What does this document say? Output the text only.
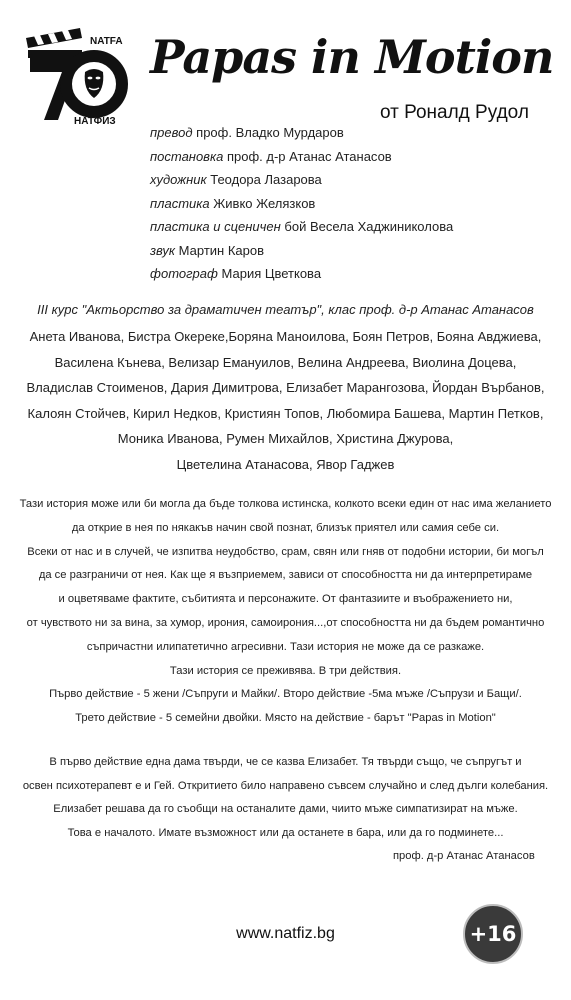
NATFA
НАТФИЗ
Papas in Motion
от Роналд Рудол
превод проф. Владко Мурдаров
постановка проф. д-р Атанас Атанасов
художник Теодора Лазарова
пластика Живко Желязков
пластика и сценичен бой Весела Хаджиниколова
звук Мартин Каров
фотограф Мария Цветкова
III курс "Актьорство за драматичен театър", клас проф. д-р Атанас Атанасов
Анета Иванова, Бистра Окереке,Боряна Маноилова, Боян Петров, Бояна Авджиева,
Василена Кънева, Велизар Емануилов, Велина Андреева, Виолина Доцева,
Владислав Стоименов, Дария Димитрова, Елизабет Марангозова, Йордан Върбанов,
Калоян Стойчев, Кирил Недков, Кристиян Топов, Любомира Башева, Мартин Петков,
Моника Иванова, Румен Михайлов, Христина Джурова,
Цветелина Атанасова, Явор Гаджев
Тази история може или би могла да бъде толкова истинска, колкото всеки един от нас има желанието
да открие в нея по някакъв начин свой познат, близък приятел или самия себе си.
Всеки от нас и в случей, че изпитва неудобство, срам, свян или гняв от подобни истории, би могъл
да се разграничи от нея. Как ще я възприемем, зависи от способността ни да интерпретираме
и оцветяваме фактите, събитията и персонажите. От фантазиите и въображението ни,
от чувството ни за вина, за хумор, ирония, самоирония...,от способността ни да бъдем романтично
съпричастни илипатетично агресивни. Тази история не може да се разкаже.
Тази история се преживява. В три действия.
Първо действие - 5 жени /Съпруги и Майки/. Второ действие -5ма мъже /Съпрузи и Бащи/.
Трето действие - 5 семейни двойки. Място на действие - барът "Papas in Motion"
В първо действие една дама твърди, че се казва Елизабет. Тя твърди също, че съпругът и
освен психотерапевт е и Гей. Откритието било направено съвсем случайно и след дълги колебания.
Елизабет решава да го съобщи на останалите дами, чиито мъже симпатизират на мъже.
Това е началото. Имате възможност или да останете в бара, или да го подминете...
проф. д-р Атанас Атанасов
www.natfiz.bg	+16
